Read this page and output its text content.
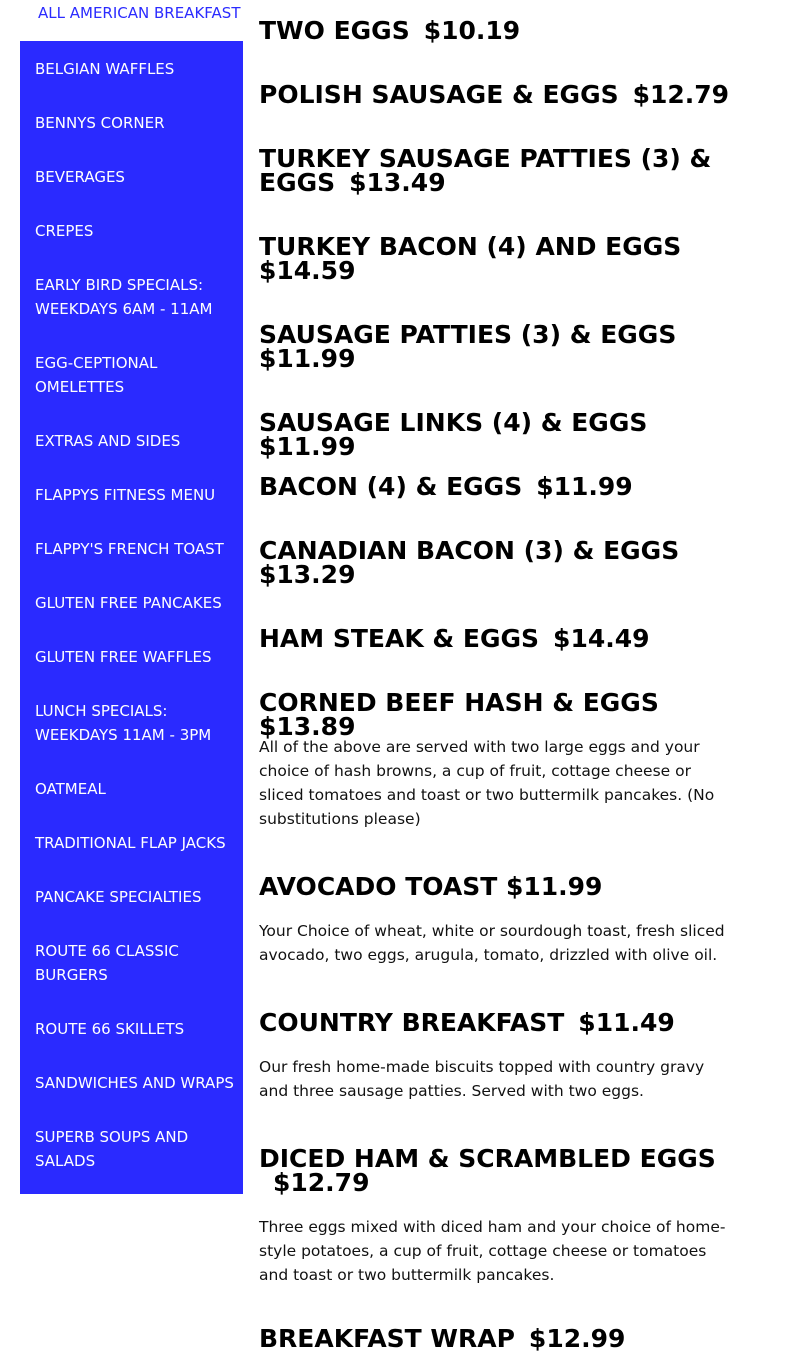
ALL AMERICAN BREAKFAST
BELGIAN WAFFLES
BENNYS CORNER
BEVERAGES
CREPES
EARLY BIRD SPECIALS: WEEKDAYS 6AM - 11AM
EGG-CEPTIONAL OMELETTES
EXTRAS AND SIDES
FLAPPYS FITNESS MENU
FLAPPY'S FRENCH TOAST
GLUTEN FREE PANCAKES
GLUTEN FREE WAFFLES
LUNCH SPECIALS: WEEKDAYS 11AM - 3PM
OATMEAL
TRADITIONAL FLAP JACKS
PANCAKE SPECIALTIES
ROUTE 66 CLASSIC BURGERS
ROUTE 66 SKILLETS
SANDWICHES AND WRAPS
SUPERB SOUPS AND SALADS
TWO EGGS $10.19
POLISH SAUSAGE & EGGS $12.79
TURKEY SAUSAGE PATTIES (3) & EGGS $13.49
TURKEY BACON (4) AND EGGS$14.59
SAUSAGE PATTIES (3) & EGGS$11.99
SAUSAGE LINKS (4) & EGGS$11.99
BACON (4) & EGGS $11.99
CANADIAN BACON (3) & EGGS$13.29
HAM STEAK & EGGS $14.49
CORNED BEEF HASH & EGGS$13.89

All of the above are served with two large eggs and your choice of hash browns, a cup of fruit, cottage cheese or sliced tomatoes and toast or two buttermilk pancakes. (No substitutions please)

AVOCADO TOAST $11.99

Your Choice of wheat, white or sourdough toast, fresh sliced avocado, two eggs, arugula, tomato, drizzled with olive oil.

COUNTRY BREAKFAST $11.49

Our fresh home-made biscuits topped with country gravy and three sausage patties. Served with two eggs.

DICED HAM & SCRAMBLED EGGS$12.79

Three eggs mixed with diced ham and your choice of home-style potatoes, a cup of fruit, cottage cheese or tomatoes and toast or two buttermilk pancakes.

BREAKFAST WRAP $12.99
